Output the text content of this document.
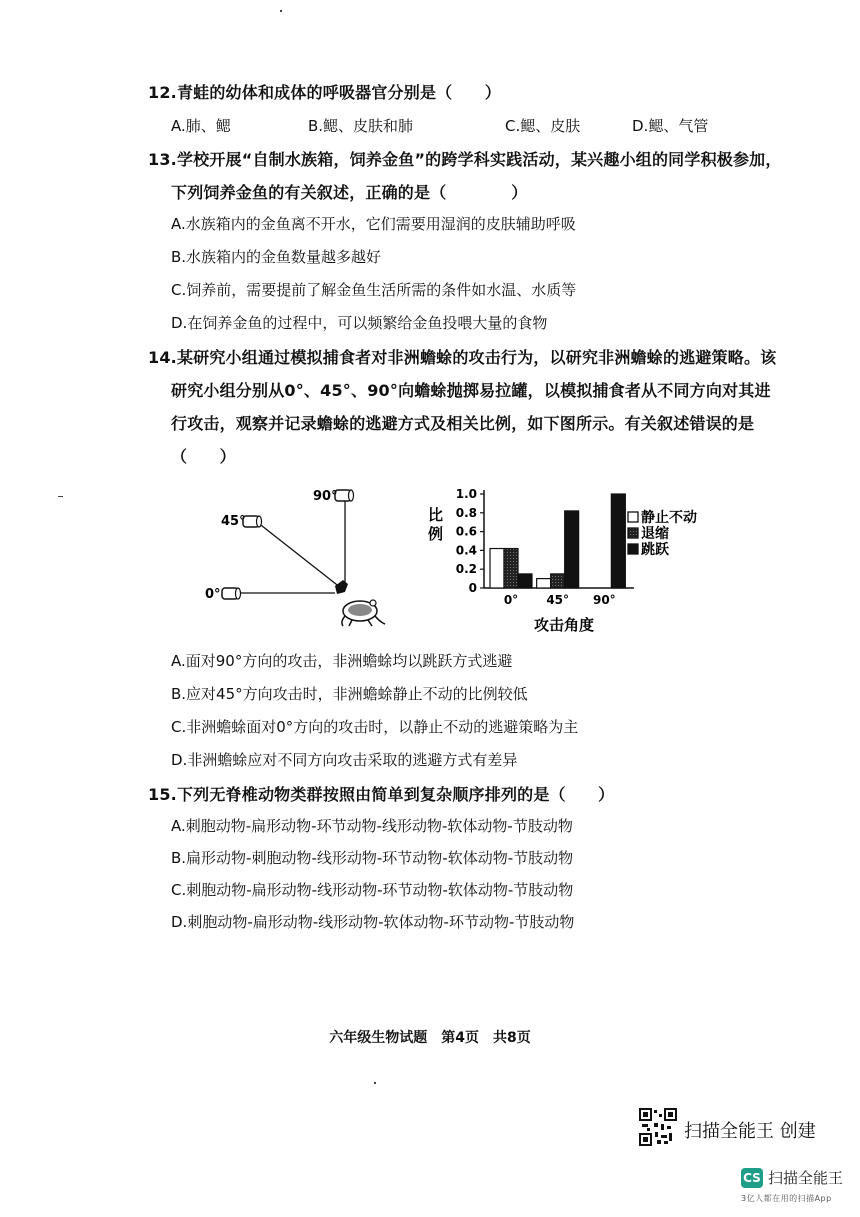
12.青蛙的幼体和成体的呼吸器官分别是（　　）
A.肺、鳃	B.鳃、皮肤和肺	C.鳃、皮肤	D.鳃、气管
13.学校开展“自制水族箱，饲养金鱼”的跨学科实践活动，某兴趣小组的同学积极参加，
下列饲养金鱼的有关叙述，正确的是（　　　　）
A.水族箱内的金鱼离不开水，它们需要用湿润的皮肤辅助呼吸
B.水族箱内的金鱼数量越多越好
C.饲养前，需要提前了解金鱼生活所需的条件如水温、水质等
D.在饲养金鱼的过程中，可以频繁给金鱼投喂大量的食物
14.某研究小组通过模拟捕食者对非洲蟾蜍的攻击行为，以研究非洲蟾蜍的逃避策略。该
研究小组分别从0°、45°、90°向蟾蜍抛掷易拉罐，以模拟捕食者从不同方向对其进
行攻击，观察并记录蟾蜍的逃避方式及相关比例，如下图所示。有关叙述错误的是
（　　）
45°
90°
0°	0
0.2
0.4
0.6
0.8
1.0
比
例
0° 45° 90°
攻击角度
静止不动
退缩
跳跃
A.面对90°方向的攻击，非洲蟾蜍均以跳跃方式逃避
B.应对45°方向攻击时，非洲蟾蜍静止不动的比例较低
C.非洲蟾蜍面对0°方向的攻击时，以静止不动的逃避策略为主
D.非洲蟾蜍应对不同方向攻击采取的逃避方式有差异
15.下列无脊椎动物类群按照由简单到复杂顺序排列的是（　　）
A.刺胞动物-扁形动物-环节动物-线形动物-软体动物-节肢动物
B.扁形动物-刺胞动物-线形动物-环节动物-软体动物-节肢动物
C.刺胞动物-扁形动物-线形动物-环节动物-软体动物-节肢动物
D.刺胞动物-扁形动物-线形动物-软体动物-环节动物-节肢动物
六年级生物试题　第4页　共8页
扫描全能王 创建
CS 扫描全能王
3亿人都在用的扫描App
